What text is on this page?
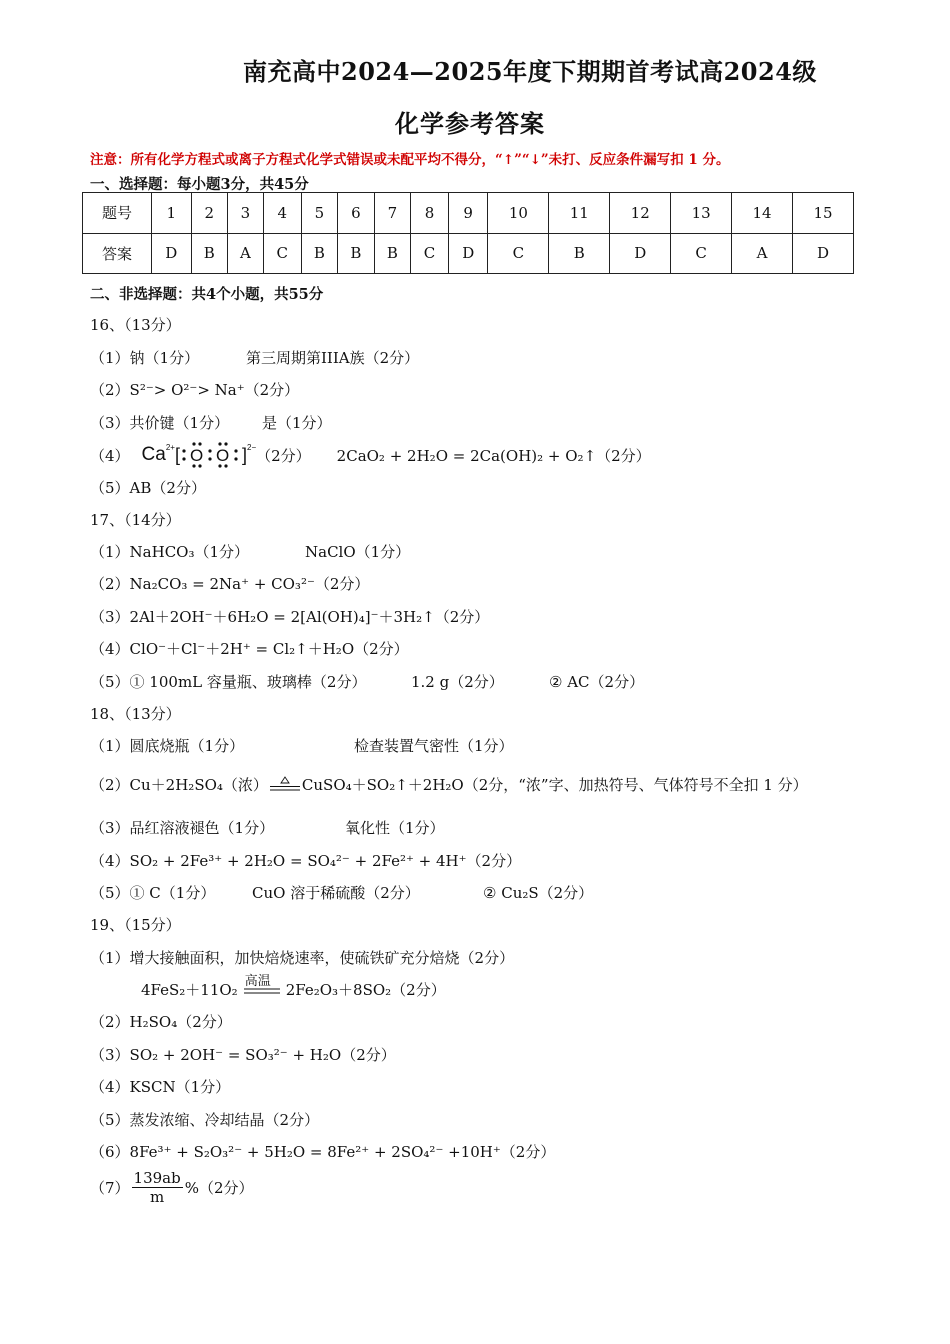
南充高中2024—2025年度下期期首考试高2024级
化学参考答案
注意：所有化学方程式或离子方程式化学式错误或未配平均不得分，“↑”“↓”未打、反应条件漏写扣 1 分。
一、选择题：每小题3分，共45分
题号	1	2	3	4	5	6	7	8	9	10	11	12	13	14	15
答案	D	B	A	C	B	B	B	C	D	C	B	D	C	A	D
二、非选择题：共4个小题，共55分
16、（13分）
（1）钠（1分）	第三周期第IIIA族（2分）
（2）S²⁻> O²⁻> Na⁺（2分）
（3）共价键（1分） 是（1分）
（4） Ca 2+ [ O O ] 2− （2分） 2CaO₂ + 2H₂O = 2Ca(OH)₂ + O₂↑（2分）
（5）AB（2分）
17、（14分）
（1）NaHCO₃（1分）	NaClO（1分）
（2）Na₂CO₃ = 2Na⁺ + CO₃²⁻（2分）
（3）2Al＋2OH⁻＋6H₂O = 2[Al(OH)₄]⁻＋3H₂↑（2分）
（4）ClO⁻＋Cl⁻＋2H⁺ = Cl₂↑＋H₂O（2分）
（5）① 100mL 容量瓶、玻璃棒（2分）	1.2 g（2分）	② AC（2分）
18、（13分）
（1）圆底烧瓶（1分）	检查装置气密性（1分）
（2）Cu＋2H₂SO₄（浓） CuSO₄＋SO₂↑＋2H₂O（2分，“浓”字、加热符号、气体符号不全扣 1 分）
（3）品红溶液褪色（1分）	氧化性（1分）
（4）SO₂ + 2Fe³⁺ + 2H₂O = SO₄²⁻ + 2Fe²⁺ + 4H⁺（2分）
（5）① C（1分） CuO 溶于稀硫酸（2分）	② Cu₂S（2分）
19、（15分）
（1）增大接触面积，加快焙烧速率，使硫铁矿充分焙烧（2分）
4FeS₂＋11O₂ 高温 2Fe₂O₃＋8SO₂（2分）
（2）H₂SO₄（2分）
（3）SO₂ + 2OH⁻ = SO₃²⁻ + H₂O（2分）
（4）KSCN（1分）
（5）蒸发浓缩、冷却结晶（2分）
（6）8Fe³⁺ + S₂O₃²⁻ + 5H₂O = 8Fe²⁺ + 2SO₄²⁻ +10H⁺（2分）
$(7) \frac{139ab}{m} \%(2$分）
